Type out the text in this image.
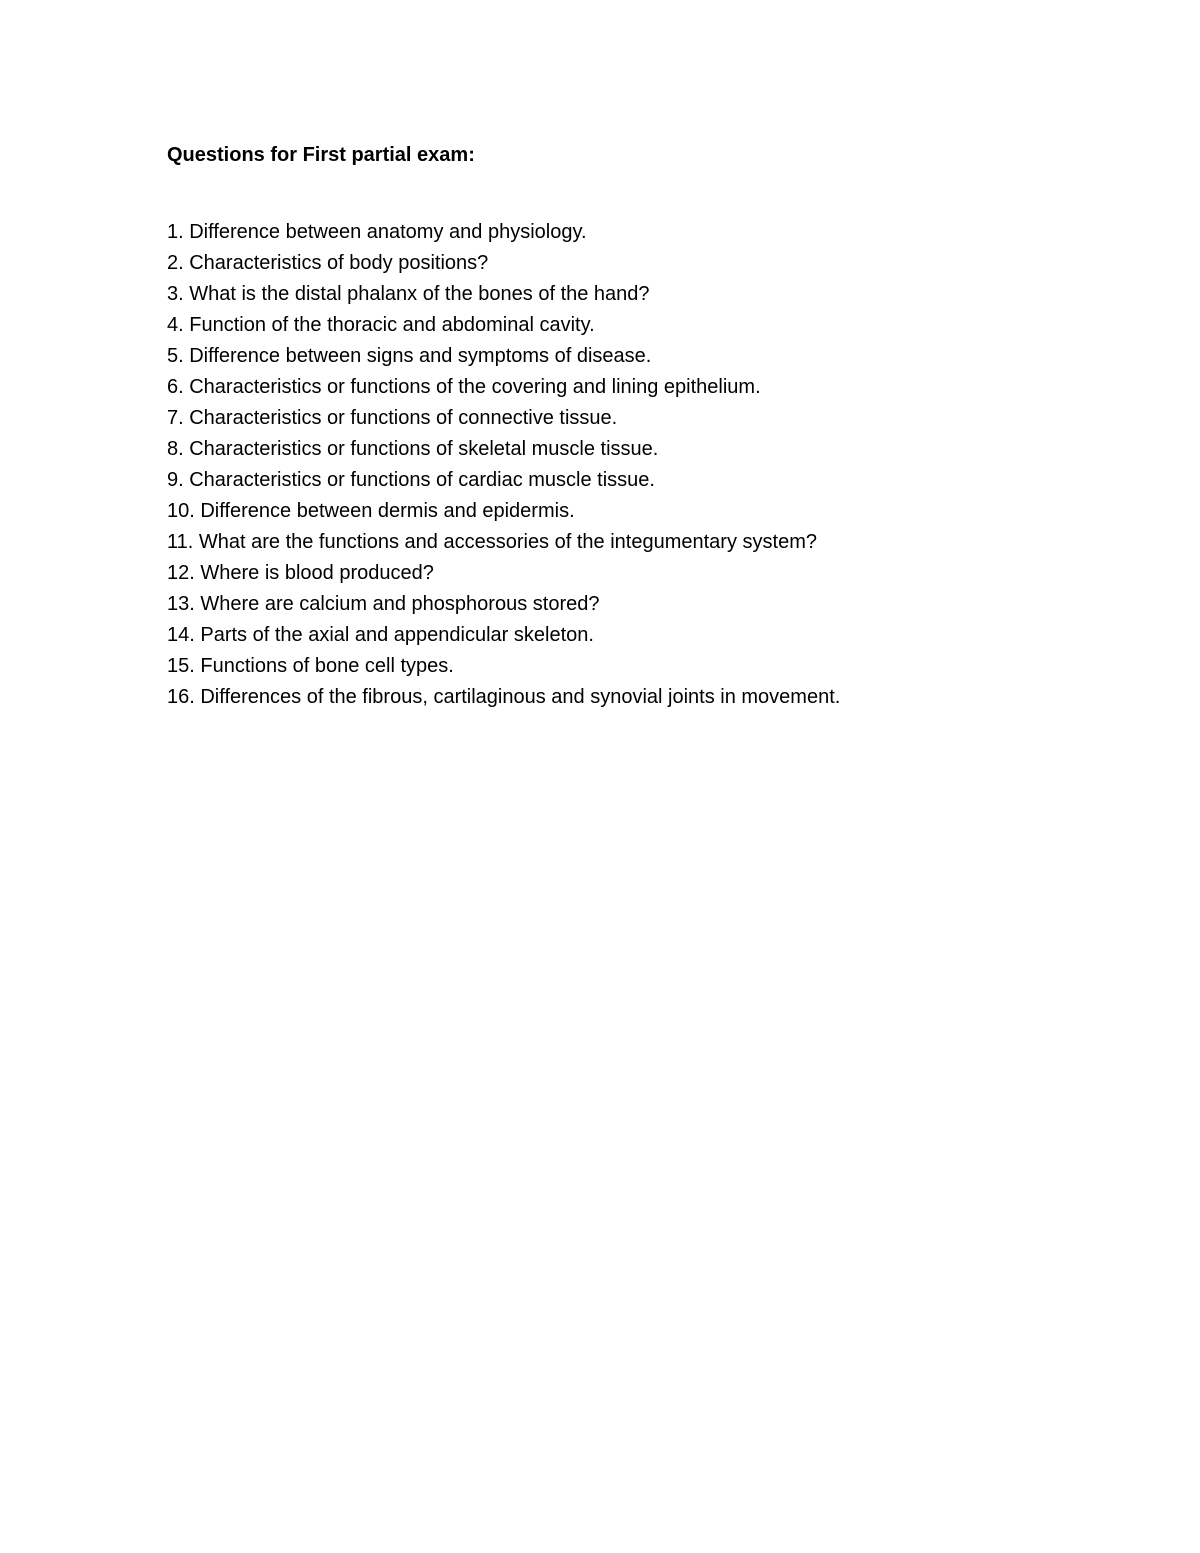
Questions for First partial exam:
1. Difference between anatomy and physiology.
2. Characteristics of body positions?
3. What is the distal phalanx of the bones of the hand?
4. Function of the thoracic and abdominal cavity.
5. Difference between signs and symptoms of disease.
6. Characteristics or functions of the covering and lining epithelium.
7. Characteristics or functions of connective tissue.
8. Characteristics or functions of skeletal muscle tissue.
9. Characteristics or functions of cardiac muscle tissue.
10. Difference between dermis and epidermis.
11. What are the functions and accessories of the integumentary system?
12. Where is blood produced?
13. Where are calcium and phosphorous stored?
14. Parts of the axial and appendicular skeleton.
15. Functions of bone cell types.
16. Differences of the fibrous, cartilaginous and synovial joints in movement.
